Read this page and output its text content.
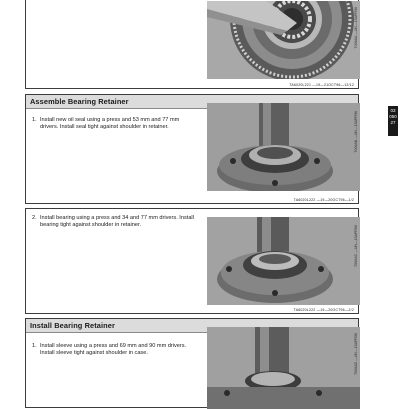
T006AA —UN—15APR96
TA6020L221 —19—21OCT96—12/12
03
050
27
Assemble Bearing Retainer
1. Install new oil seal using a press and 53 mm and 77 mm drivers. Install seal tight against shoulder in retainer.	T006AB —UN—15APR96
TA6020L222 —19—20OCT96—1/2
2. Install bearing using a press and 34 and 77 mm drivers. Install bearing tight against shoulder in retainer.
T006AC —UN—15APR96
TA6020L222 —19—20OCT96—2/2
Install Bearing Retainer
1. Install sleeve using a press and 69 mm and 90 mm drivers. Install sleeve tight against shoulder in case.	T006AD —UN—15APR96
